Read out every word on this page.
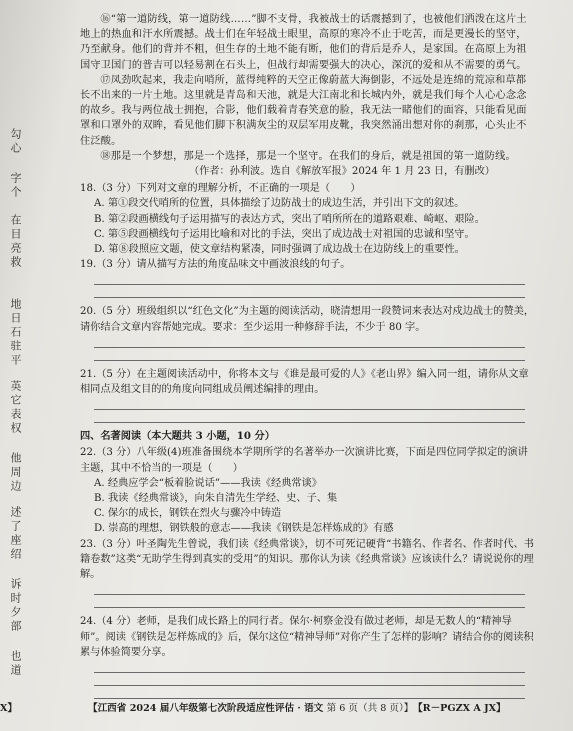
勾
心
字
个
在
目
亮
救
地
日
石
驻
平
英
它
表
权
他
周
边
述
了
座
绍
诉
时
夕
部
也
道

⑯“第一道防线，第一道防线……”脚不支骨，我被战士的话震撼到了，也被他们洒泼在这片土地上的热血和汗水所震撼。战士们在年轻战士眼里，高原的寒冷不止于吃苦，而是更漫长的坚守，乃至献身。他们的背并不粗，但生存的土地不能有断，他们的背后是乔人，是家国。在高原上为祖国守卫国门的普吉可以轻易割在石头上，但战行却需要强大的决心，深沉的爱和从不需要的勇气。

⑰凤劲吹起来，我走向哨所，蓝得纯粹的天空正像蔚蓝大海倒影，不远处是连绵的荒凉和草都长不出来的一片土地。这里就是青岛和天池，就是大江南北和长城内外，就是我们每个人心心念念的故乡。我与两位战士拥抱，合影，他们载着青春笑意的脸，我无法一睹他们的面容，只能看见面罩和口罩外的双眸，看见他们脚下积满灰尘的双层军用皮靴，我突然涌出想对你的刹那，心头止不住泛酸。

⑱那是一个梦想，那是一个选择，那是一个坚守。在我们的身后，就是祖国的第一道防线。

（作者：孙利波。选自《解放军报》2024 年 1 月 23 日，有删改）

18.（3 分）下列对文章的理解分析，不正确的一项是（　　）

A. 第①段交代哨所的位置，具体描绘了边防战士的成边生活，并引出下文的叙述。

B. 第②段画横线句子运用描写的表达方式，突出了哨所所在的道路艰难、崎岖、艰险。

C. 第⑤段画横线句子运用比喻和对比的手法，突出了成边战士对祖国的忠诚和坚守。

D. 第⑧段照应文题，使文章结构紧凑，同时强调了成边战士在边防线上的重要性。

19.（3 分）请从描写方法的角度品味文中画波浪线的句子。

20.（5 分）班级组织以“红色文化”为主题的阅读活动，晓清想用一段赞词来表达对戍边战士的赞美，请你结合文章内容帮她完成。要求：至少运用一种修辞手法，不少于 80 字。

21.（5 分）在主题阅读活动中，你将本文与《谁是最可爱的人》《老山界》编入同一组，请你从文章相同点及组文目的的角度向同组成员阐述编排的理由。

四、名著阅读（本大题共 3 小题，10 分）

22.（3 分）八年级(4)班准备围绕本学期所学的名著举办一次演讲比赛，下面是四位同学拟定的演讲主题，其中不恰当的一项是（　　）

A. 经典应学会“板着脸说话”——我读《经典常谈》

B. 我读《经典常谈》，向朱自清先生学经、史、子、集

C. 保尔的成长，钢铁在烈火与骤冷中铸造

D. 崇高的理想，钢铁般的意志——我读《钢铁是怎样炼成的》有感

23.（3 分）叶圣陶先生曾说，我们读《经典常谈》，切不可死记硬背“书籍名、作者名、作者时代、书籍卷数”这类“无助学生得到真实的受用”的知识。那你认为读《经典常谈》应该读什么？请说说你的理解。

24.（4 分）老师，是我们成长路上的同行者。保尔·柯察金没有做过老师，却是无数人的“精神导师”。阅读《钢铁是怎样炼成的》后，保尔这位“精神导师”对你产生了怎样的影响？请结合你的阅读积累与体验简要分享。

X】	【江西省 2024 届八年级第七次阶段适应性评估 · 语文 第 6 页（共 8 页）】 【R－PGZX A JX】
